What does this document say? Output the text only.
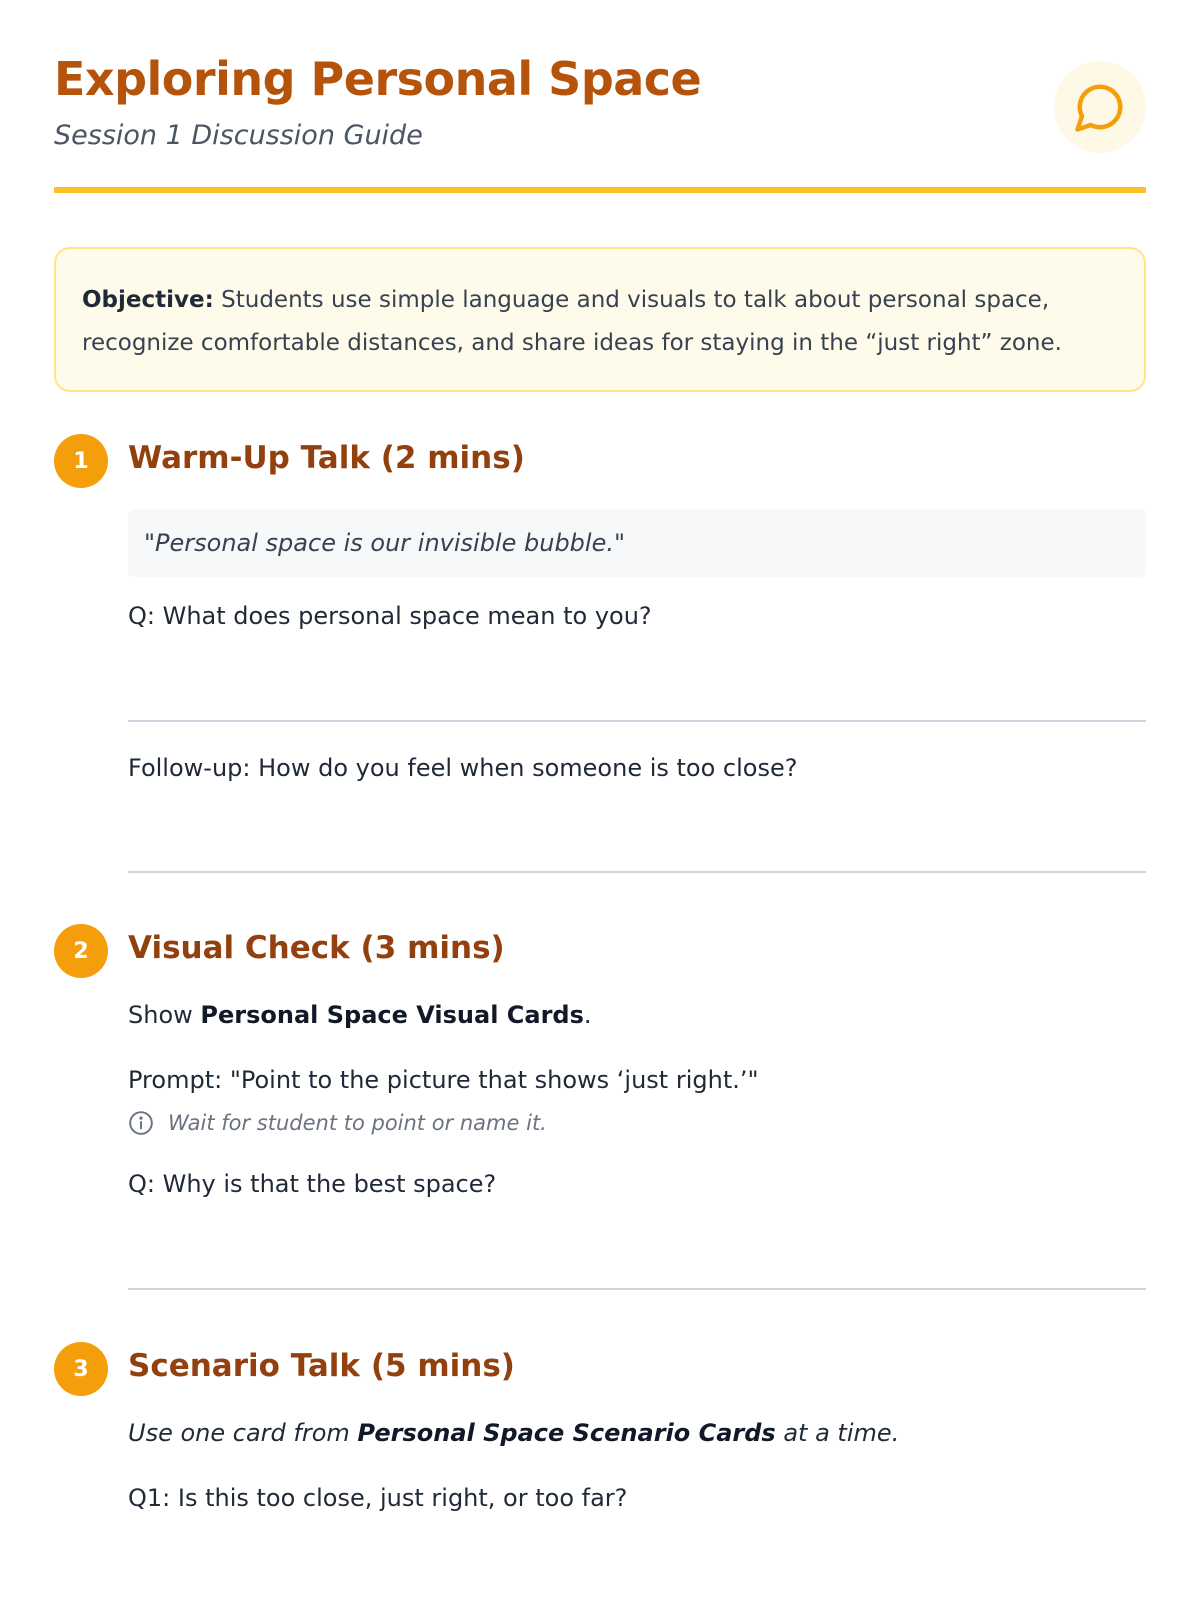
Exploring Personal Space
Session 1 Discussion Guide
Objective: Students use simple language and visuals to talk about personal space, recognize comfortable distances, and share ideas for staying in the “just right” zone.
1	Warm-Up Talk (2 mins)
"Personal space is our invisible bubble."
Q: What does personal space mean to you?
Follow-up: How do you feel when someone is too close?
2	Visual Check (3 mins)
Show Personal Space Visual Cards.
Prompt: "Point to the picture that shows ‘just right.’"
Wait for student to point or name it.
Q: Why is that the best space?
3	Scenario Talk (5 mins)
Use one card from Personal Space Scenario Cards at a time.
Q1: Is this too close, just right, or too far?
